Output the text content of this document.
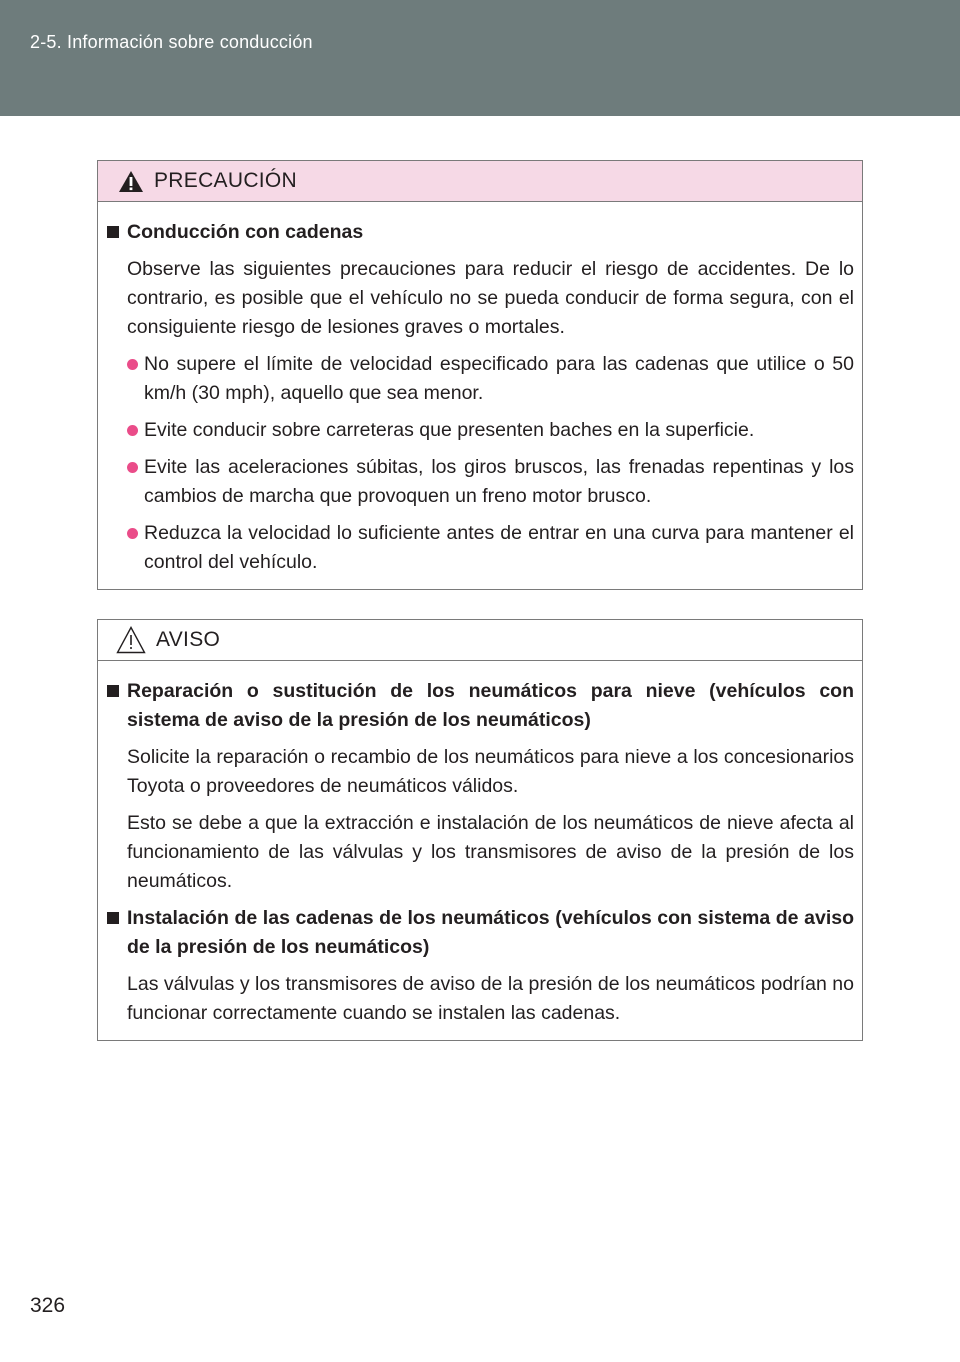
2-5. Información sobre conducción
PRECAUCIÓN
Conducción con cadenas
Observe las siguientes precauciones para reducir el riesgo de accidentes. De lo contrario, es posible que el vehículo no se pueda conducir de forma segura, con el consiguiente riesgo de lesiones graves o mortales.
No supere el límite de velocidad especificado para las cadenas que utilice o 50 km/h (30 mph), aquello que sea menor.
Evite conducir sobre carreteras que presenten baches en la superficie.
Evite las aceleraciones súbitas, los giros bruscos, las frenadas repentinas y los cambios de marcha que provoquen un freno motor brusco.
Reduzca la velocidad lo suficiente antes de entrar en una curva para mantener el control del vehículo.
AVISO
Reparación o sustitución de los neumáticos para nieve (vehículos con sistema de aviso de la presión de los neumáticos)
Solicite la reparación o recambio de los neumáticos para nieve a los concesionarios Toyota o proveedores de neumáticos válidos.
Esto se debe a que la extracción e instalación de los neumáticos de nieve afecta al funcionamiento de las válvulas y los transmisores de aviso de la presión de los neumáticos.
Instalación de las cadenas de los neumáticos (vehículos con sistema de aviso de la presión de los neumáticos)
Las válvulas y los transmisores de aviso de la presión de los neumáticos podrían no funcionar correctamente cuando se instalen las cadenas.
326
